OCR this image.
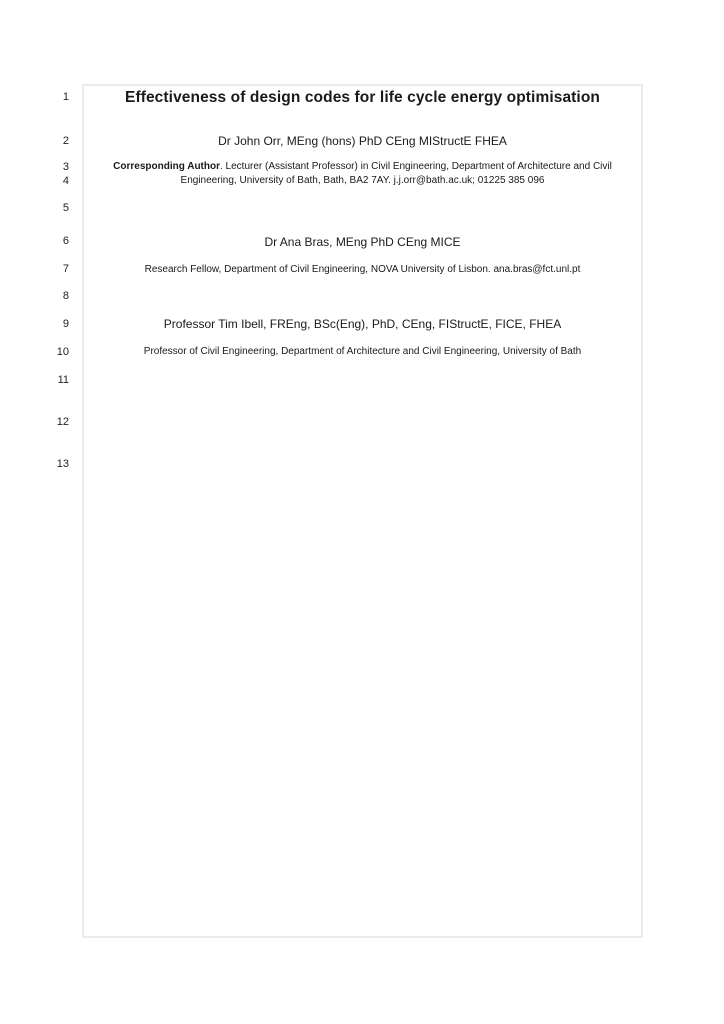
1
2
3
4
5
6
7
8
9
10
11
12
13
Effectiveness of design codes for life cycle energy optimisation
Dr John Orr, MEng (hons) PhD CEng MIStructE FHEA
Corresponding Author. Lecturer (Assistant Professor) in Civil Engineering, Department of Architecture and Civil Engineering, University of Bath, Bath, BA2 7AY. j.j.orr@bath.ac.uk; 01225 385 096
Dr Ana Bras, MEng PhD CEng MICE
Research Fellow, Department of Civil Engineering, NOVA University of Lisbon. ana.bras@fct.unl.pt
Professor Tim Ibell, FREng, BSc(Eng), PhD, CEng, FIStructE, FICE, FHEA
Professor of Civil Engineering, Department of Architecture and Civil Engineering, University of Bath
